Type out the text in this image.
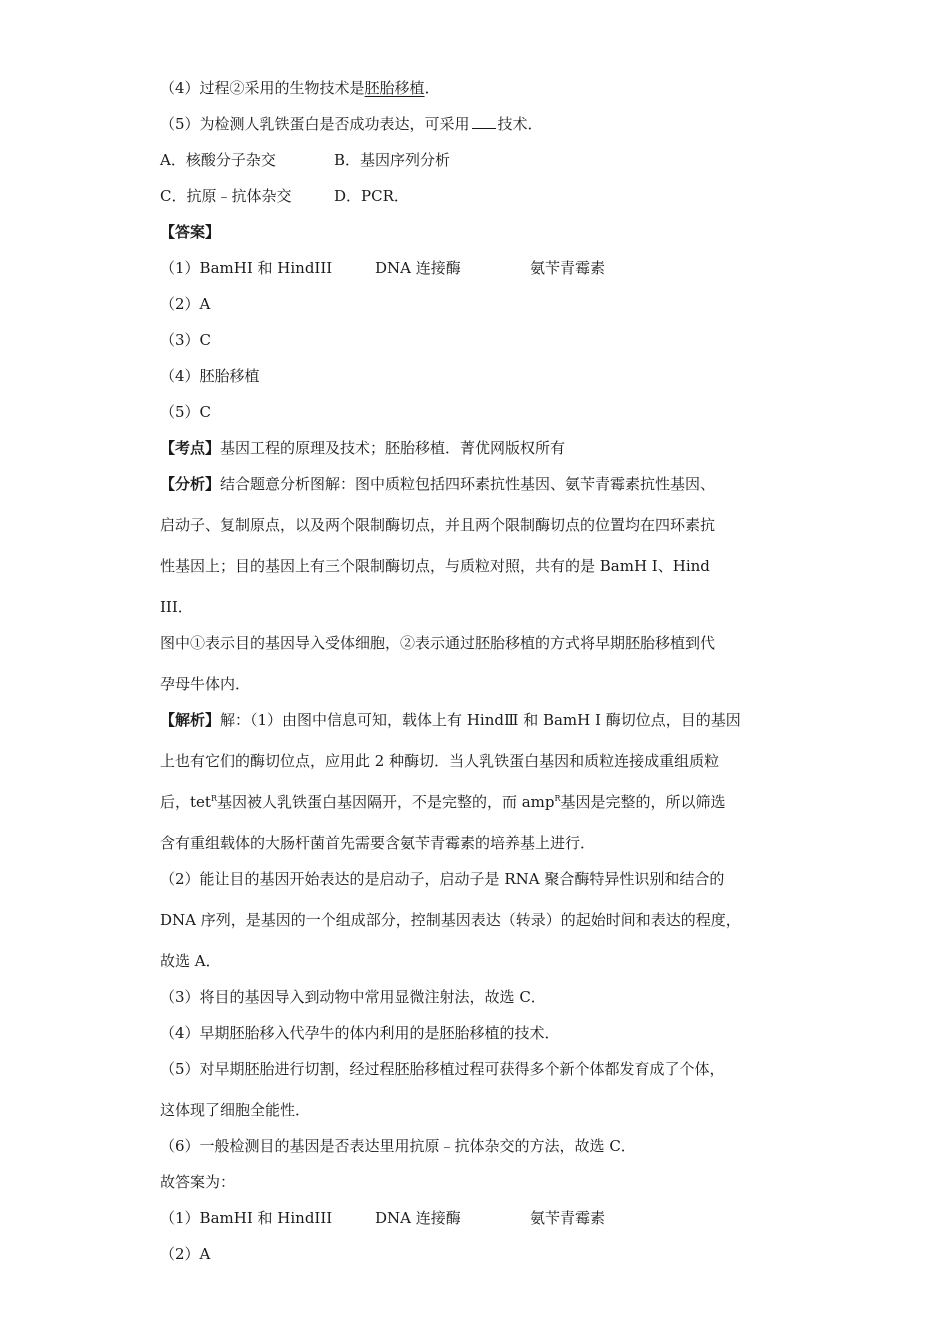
（4）过程②采用的生物技术是胚胎移植．
（5）为检测人乳铁蛋白是否成功表达，可采用 技术．
A．核酸分子杂交	B．基因序列分析
C．抗原﹣抗体杂交	D．PCR．
【答案】
（1）BamHI 和 HindIII	DNA 连接酶	氨苄青霉素
（2）A
（3）C
（4）胚胎移植
（5）C
【考点】基因工程的原理及技术；胚胎移植．菁优网版权所有
【分析】结合题意分析图解：图中质粒包括四环素抗性基因、氨苄青霉素抗性基因、
启动子、复制原点，以及两个限制酶切点，并且两个限制酶切点的位置均在四环素抗
性基因上；目的基因上有三个限制酶切点，与质粒对照，共有的是 BamH Ⅰ、Hind
III．
图中①表示目的基因导入受体细胞，②表示通过胚胎移植的方式将早期胚胎移植到代
孕母牛体内．
【解析】解：（1）由图中信息可知，载体上有 HindⅢ 和 BamH Ⅰ 酶切位点，目的基因
上也有它们的酶切位点，应用此 2 种酶切．当人乳铁蛋白基因和质粒连接成重组质粒
后，tet$^R$基因被人乳铁蛋白基因隔开，不是完整的，而 amp$^R$基因是完整的，所以筛选
含有重组载体的大肠杆菌首先需要含氨苄青霉素的培养基上进行．
（2）能让目的基因开始表达的是启动子，启动子是 RNA 聚合酶特异性识别和结合的
DNA 序列，是基因的一个组成部分，控制基因表达（转录）的起始时间和表达的程度，
故选 A．
（3）将目的基因导入到动物中常用显微注射法，故选 C．
（4）早期胚胎移入代孕牛的体内利用的是胚胎移植的技术．
（5）对早期胚胎进行切割，经过程胚胎移植过程可获得多个新个体都发育成了个体，
这体现了细胞全能性．
（6）一般检测目的基因是否表达里用抗原﹣抗体杂交的方法，故选 C．
故答案为：
（1）BamHI 和 HindIII	DNA 连接酶	氨苄青霉素
（2）A
